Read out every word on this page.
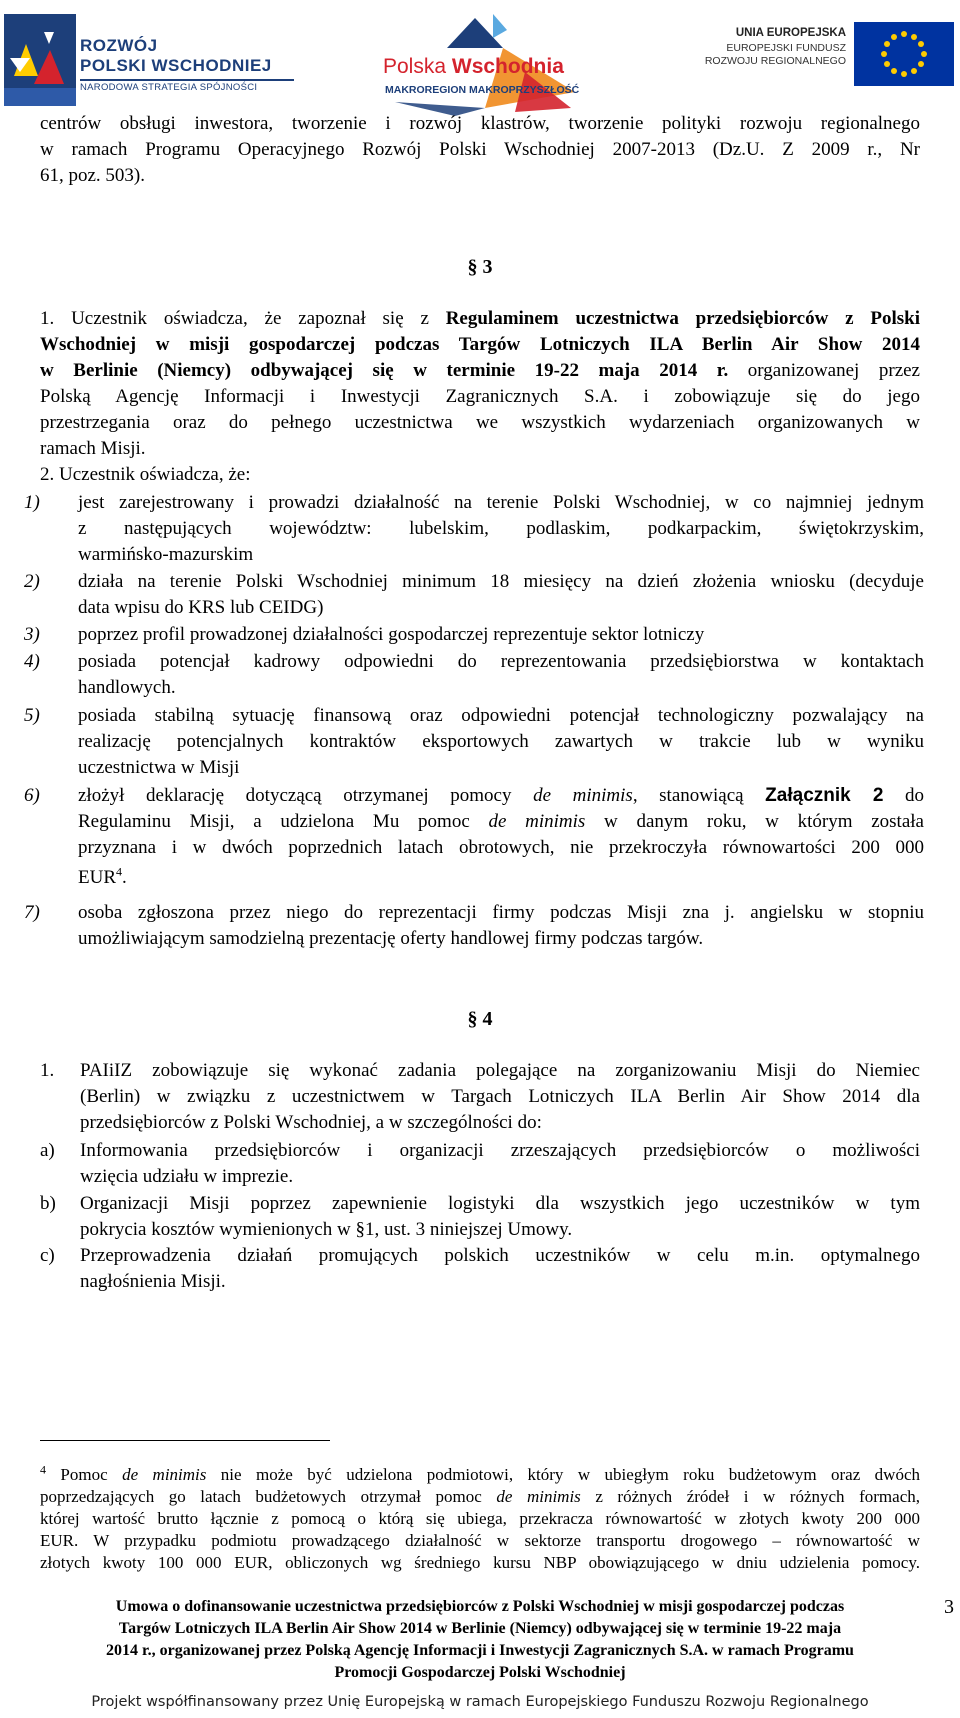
ROZWÓJ
POLSKI WSCHODNIEJ
NARODOWA STRATEGIA SPÓJNOŚCI
Polska Wschodnia
MAKROREGION MAKROPRZYSZŁOŚĆ
UNIA EUROPEJSKA
EUROPEJSKI FUNDUSZ
ROZWOJU REGIONALNEGO
centrów obsługi inwestora, tworzenie i rozwój klastrów, tworzenie polityki rozwoju regionalnego
w ramach Programu Operacyjnego Rozwój Polski Wschodniej 2007-2013 (Dz.U. Z 2009 r., Nr
61, poz. 503).
§ 3
1. Uczestnik oświadcza, że zapoznał się z Regulaminem uczestnictwa przedsiębiorców z Polski
Wschodniej w misji gospodarczej podczas Targów Lotniczych ILA Berlin Air Show 2014
w Berlinie (Niemcy) odbywającej się w terminie 19-22 maja 2014 r. organizowanej przez
Polską Agencję Informacji i Inwestycji Zagranicznych S.A. i zobowiązuje się do jego
przestrzegania oraz do pełnego uczestnictwa we wszystkich wydarzeniach organizowanych w
ramach Misji.
2. Uczestnik oświadcza, że:
1) jest zarejestrowany i prowadzi działalność na terenie Polski Wschodniej, w co najmniej jednym
z następujących województw: lubelskim, podlaskim, podkarpackim, świętokrzyskim,
warmińsko-mazurskim
2) działa na terenie Polski Wschodniej minimum 18 miesięcy na dzień złożenia wniosku (decyduje
data wpisu do KRS lub CEIDG)
3) poprzez profil prowadzonej działalności gospodarczej reprezentuje sektor lotniczy
4) posiada potencjał kadrowy odpowiedni do reprezentowania przedsiębiorstwa w kontaktach
handlowych.
5) posiada stabilną sytuację finansową oraz odpowiedni potencjał technologiczny pozwalający na
realizację potencjalnych kontraktów eksportowych zawartych w trakcie lub w wyniku
uczestnictwa w Misji
6) złożył deklarację dotyczącą otrzymanej pomocy de minimis, stanowiącą Załącznik 2 do
Regulaminu Misji, a udzielona Mu pomoc de minimis w danym roku, w którym została
przyznana i w dwóch poprzednich latach obrotowych, nie przekroczyła równowartości 200 000
EUR$^4$.
7) osoba zgłoszona przez niego do reprezentacji firmy podczas Misji zna j. angielsku w stopniu
umożliwiającym samodzielną prezentację oferty handlowej firmy podczas targów.
§ 4
1. PAIiIZ zobowiązuje się wykonać zadania polegające na zorganizowaniu Misji do Niemiec
(Berlin) w związku z uczestnictwem w Targach Lotniczych ILA Berlin Air Show 2014 dla
przedsiębiorców z Polski Wschodniej, a w szczególności do:
a) Informowania przedsiębiorców i organizacji zrzeszających przedsiębiorców o możliwości
wzięcia udziału w imprezie.
b) Organizacji Misji poprzez zapewnienie logistyki dla wszystkich jego uczestników w tym
pokrycia kosztów wymienionych w §1, ust. 3 niniejszej Umowy.
c) Przeprowadzenia działań promujących polskich uczestników w celu m.in. optymalnego
nagłośnienia Misji.
$^4$ Pomoc de minimis nie może być udzielona podmiotowi, który w ubiegłym roku budżetowym oraz dwóch
poprzedzających go latach budżetowych otrzymał pomoc de minimis z różnych źródeł i w różnych formach,
której wartość brutto łącznie z pomocą o którą się ubiega, przekracza równowartość w złotych kwoty 200 000
EUR. W przypadku podmiotu prowadzącego działalność w sektorze transportu drogowego – równowartość w
złotych kwoty 100 000 EUR, obliczonych wg średniego kursu NBP obowiązującego w dniu udzielenia pomocy.
3
Umowa o dofinansowanie uczestnictwa przedsiębiorców z Polski Wschodniej w misji gospodarczej podczas
Targów Lotniczych ILA Berlin Air Show 2014 w Berlinie (Niemcy) odbywającej się w terminie 19-22 maja
2014 r., organizowanej przez Polską Agencję Informacji i Inwestycji Zagranicznych S.A. w ramach Programu
Promocji Gospodarczej Polski Wschodniej
Projekt współfinansowany przez Unię Europejską w ramach Europejskiego Funduszu Rozwoju Regionalnego
